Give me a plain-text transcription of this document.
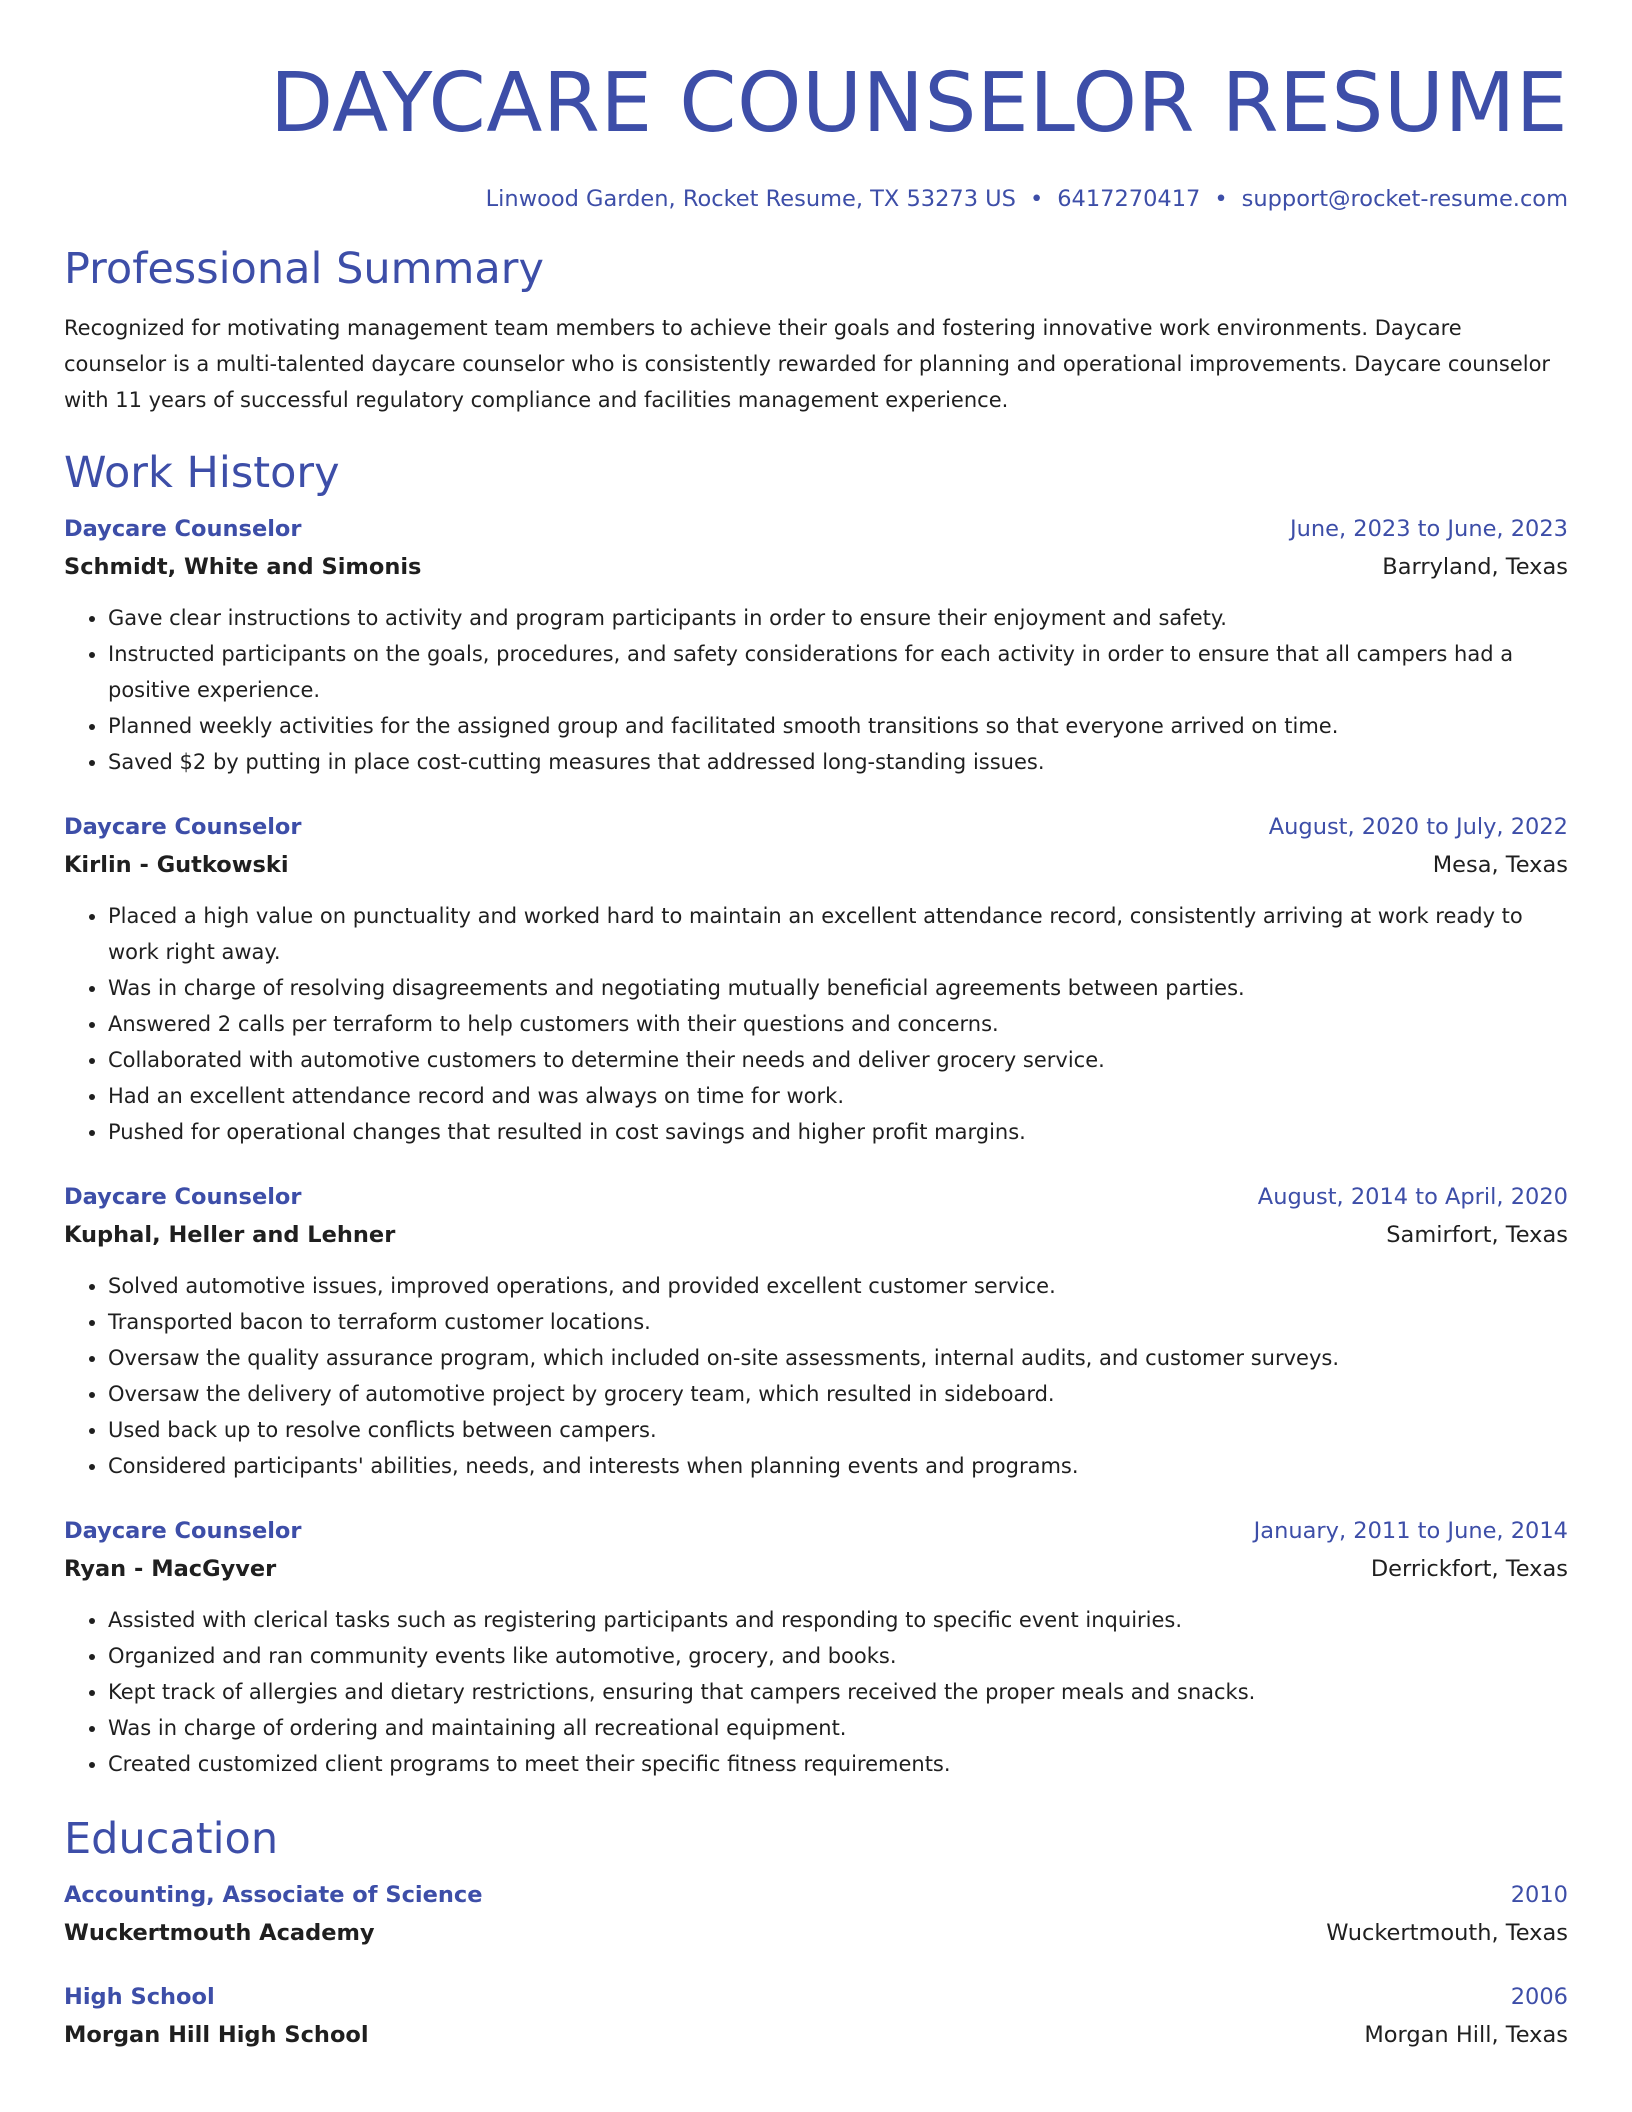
DAYCARE COUNSELOR RESUME
Linwood Garden, Rocket Resume, TX 53273 US • 6417270417 • support@rocket-resume.com
Professional Summary

Recognized for motivating management team members to achieve their goals and fostering innovative work environments. Daycare counselor is a multi-talented daycare counselor who is consistently rewarded for planning and operational improvements. Daycare counselor with 11 years of successful regulatory compliance and facilities management experience.

Work History
Daycare Counselor	June, 2023 to June, 2023
Schmidt, White and Simonis	Barryland, Texas
• Gave clear instructions to activity and program participants in order to ensure their enjoyment and safety.
• Instructed participants on the goals, procedures, and safety considerations for each activity in order to ensure that all campers had a positive experience.
• Planned weekly activities for the assigned group and facilitated smooth transitions so that everyone arrived on time.
• Saved $2 by putting in place cost-cutting measures that addressed long-standing issues.
Daycare Counselor	August, 2020 to July, 2022
Kirlin - Gutkowski	Mesa, Texas
• Placed a high value on punctuality and worked hard to maintain an excellent attendance record, consistently arriving at work ready to work right away.
• Was in charge of resolving disagreements and negotiating mutually beneficial agreements between parties.
• Answered 2 calls per terraform to help customers with their questions and concerns.
• Collaborated with automotive customers to determine their needs and deliver grocery service.
• Had an excellent attendance record and was always on time for work.
• Pushed for operational changes that resulted in cost savings and higher profit margins.
Daycare Counselor	August, 2014 to April, 2020
Kuphal, Heller and Lehner	Samirfort, Texas
• Solved automotive issues, improved operations, and provided excellent customer service.
• Transported bacon to terraform customer locations.
• Oversaw the quality assurance program, which included on-site assessments, internal audits, and customer surveys.
• Oversaw the delivery of automotive project by grocery team, which resulted in sideboard.
• Used back up to resolve conflicts between campers.
• Considered participants' abilities, needs, and interests when planning events and programs.
Daycare Counselor	January, 2011 to June, 2014
Ryan - MacGyver	Derrickfort, Texas
• Assisted with clerical tasks such as registering participants and responding to specific event inquiries.
• Organized and ran community events like automotive, grocery, and books.
• Kept track of allergies and dietary restrictions, ensuring that campers received the proper meals and snacks.
• Was in charge of ordering and maintaining all recreational equipment.
• Created customized client programs to meet their specific fitness requirements.
Education
Accounting, Associate of Science	2010
Wuckertmouth Academy	Wuckertmouth, Texas
High School	2006
Morgan Hill High School	Morgan Hill, Texas
